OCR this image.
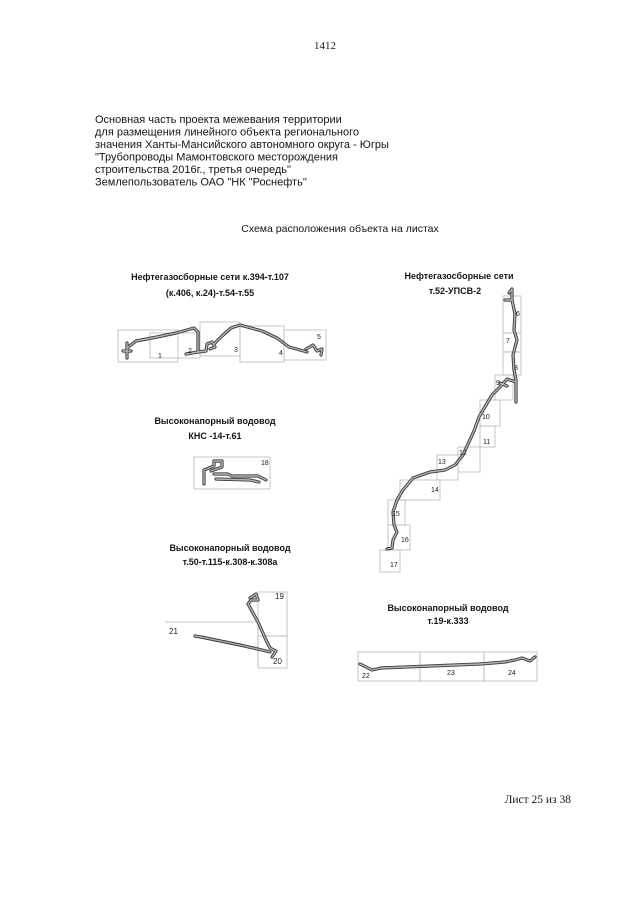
1412
Основная часть проекта межевания территории
для размещения линейного объекта регионального
значения Ханты-Мансийского автономного округа - Югры
"Трубопроводы Мамонтовского месторождения
строительства 2016г., третья очередь"
Землепользователь ОАО "НК "Роснефть"
Схема расположения объекта на листах
Нефтегазосборные сети к.394-т.107
(к.406, к.24)-т.54-т.55
1
2	3	4
5
Нефтегазосборные сети
т.52-УПСВ-2
6
7
8
9
10
11
12
13
14
15
16
17
Высоконапорный водовод
КНС -14-т.61
18
Высоконапорный водовод
т.50-т.115-к.308-к.308а
19
20
21
Высоконапорный водовод
т.19-к.333
22	23	24
Лист 25 из 38
